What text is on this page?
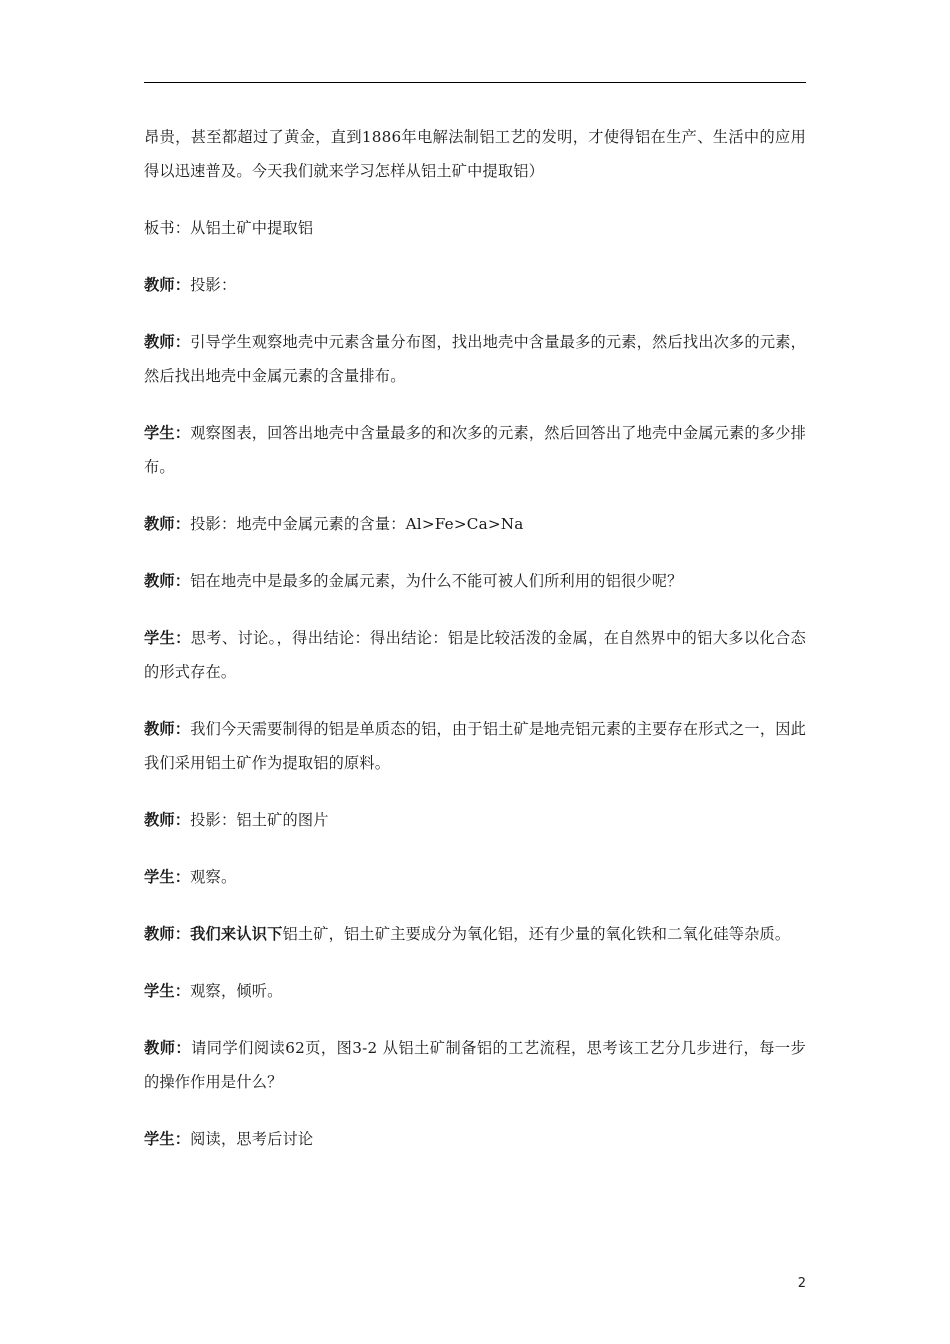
昂贵，甚至都超过了黄金，直到1886年电解法制铝工艺的发明，才使得铝在生产、生活中的应用得以迅速普及。今天我们就来学习怎样从铝土矿中提取铝）

板书：从铝土矿中提取铝

教师：投影：

教师：引导学生观察地壳中元素含量分布图，找出地壳中含量最多的元素，然后找出次多的元素，然后找出地壳中金属元素的含量排布。

学生：观察图表，回答出地壳中含量最多的和次多的元素，然后回答出了地壳中金属元素的多少排布。

教师：投影：地壳中金属元素的含量：Al>Fe>Ca>Na

教师：铝在地壳中是最多的金属元素，为什么不能可被人们所利用的铝很少呢？

学生：思考、讨论。，得出结论：得出结论：铝是比较活泼的金属，在自然界中的铝大多以化合态的形式存在。

教师：我们今天需要制得的铝是单质态的铝，由于铝土矿是地壳铝元素的主要存在形式之一，因此我们采用铝土矿作为提取铝的原料。

教师：投影：铝土矿的图片

学生：观察。

教师：我们来认识下铝土矿，铝土矿主要成分为氧化铝，还有少量的氧化铁和二氧化硅等杂质。

学生：观察，倾听。

教师：请同学们阅读62页，图3-2 从铝土矿制备铝的工艺流程，思考该工艺分几步进行，每一步的操作作用是什么？

学生：阅读，思考后讨论

2
